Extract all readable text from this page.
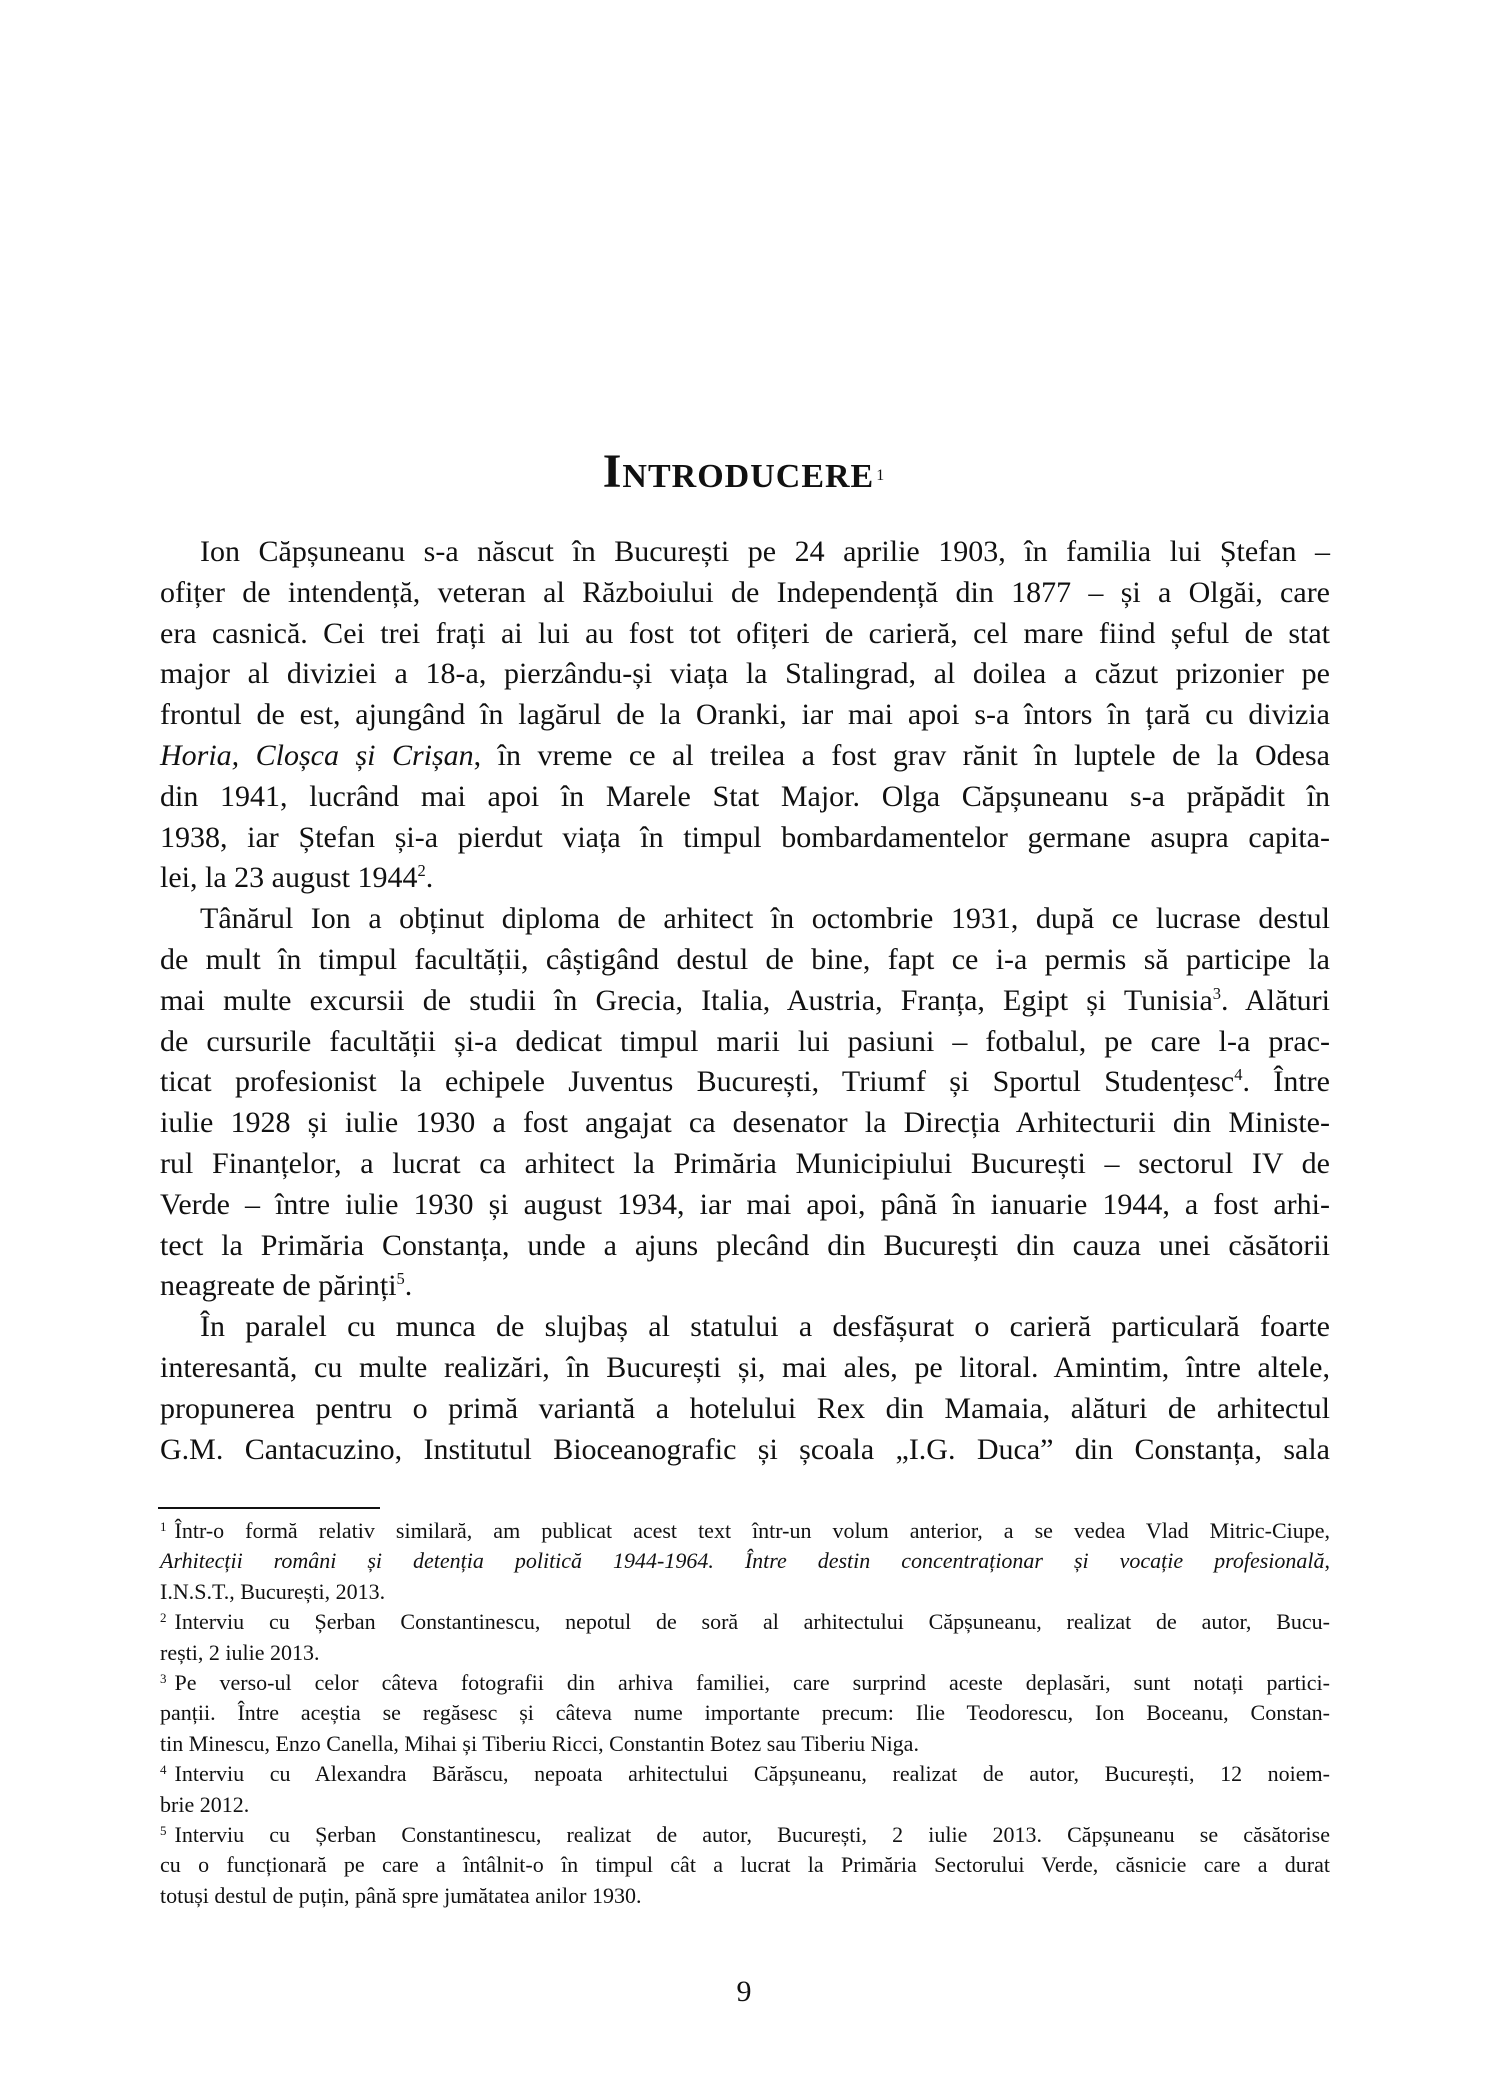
Introducere $^1$
Ion Căpșuneanu s-a născut în București pe 24 aprilie 1903, în familia lui Ștefan –
ofițer de intendență, veteran al Războiului de Independență din 1877 – și a Olgăi, care
era casnică. Cei trei frați ai lui au fost tot ofițeri de carieră, cel mare fiind șeful de stat
major al diviziei a 18-a, pierzându-și viața la Stalingrad, al doilea a căzut prizonier pe
frontul de est, ajungând în lagărul de la Oranki, iar mai apoi s-a întors în țară cu divizia
Horia, Cloșca și Crișan, în vreme ce al treilea a fost grav rănit în luptele de la Odesa
din 1941, lucrând mai apoi în Marele Stat Major. Olga Căpșuneanu s-a prăpădit în
1938, iar Ștefan și-a pierdut viața în timpul bombardamentelor germane asupra capita-
lei, la 23 august 1944$^2$.
Tânărul Ion a obținut diploma de arhitect în octombrie 1931, după ce lucrase destul
de mult în timpul facultății, câștigând destul de bine, fapt ce i-a permis să participe la
mai multe excursii de studii în Grecia, Italia, Austria, Franța, Egipt și Tunisia$^3$. Alături
de cursurile facultății și-a dedicat timpul marii lui pasiuni – fotbalul, pe care l-a prac-
ticat profesionist la echipele Juventus București, Triumf și Sportul Studențesc$^4$. Între
iulie 1928 și iulie 1930 a fost angajat ca desenator la Direcția Arhitecturii din Ministe-
rul Finanțelor, a lucrat ca arhitect la Primăria Municipiului București – sectorul IV de
Verde – între iulie 1930 și august 1934, iar mai apoi, până în ianuarie 1944, a fost arhi-
tect la Primăria Constanța, unde a ajuns plecând din București din cauza unei căsătorii
neagreate de părinți$^5$.
În paralel cu munca de slujbaș al statului a desfășurat o carieră particulară foarte
interesantă, cu multe realizări, în București și, mai ales, pe litoral. Amintim, între altele,
propunerea pentru o primă variantă a hotelului Rex din Mamaia, alături de arhitectul
G.M. Cantacuzino, Institutul Bioceanografic și școala „I.G. Duca” din Constanța, sala
$^1$ Într-o formă relativ similară, am publicat acest text într-un volum anterior, a se vedea Vlad Mitric-Ciupe,
Arhitecții români și detenția politică 1944-1964. Între destin concentraționar și vocație profesională,
I.N.S.T., București, 2013.
$^2$ Interviu cu Șerban Constantinescu, nepotul de soră al arhitectului Căpșuneanu, realizat de autor, Bucu-
rești, 2 iulie 2013.
$^3$ Pe verso-ul celor câteva fotografii din arhiva familiei, care surprind aceste deplasări, sunt notați partici-
panții. Între aceștia se regăsesc și câteva nume importante precum: Ilie Teodorescu, Ion Boceanu, Constan-
tin Minescu, Enzo Canella, Mihai și Tiberiu Ricci, Constantin Botez sau Tiberiu Niga.
$^4$ Interviu cu Alexandra Bărăscu, nepoata arhitectului Căpșuneanu, realizat de autor, București, 12 noiem-
brie 2012.
$^5$ Interviu cu Șerban Constantinescu, realizat de autor, București, 2 iulie 2013. Căpșuneanu se căsătorise
cu o funcționară pe care a întâlnit-o în timpul cât a lucrat la Primăria Sectorului Verde, căsnicie care a durat
totuși destul de puțin, până spre jumătatea anilor 1930.
9
